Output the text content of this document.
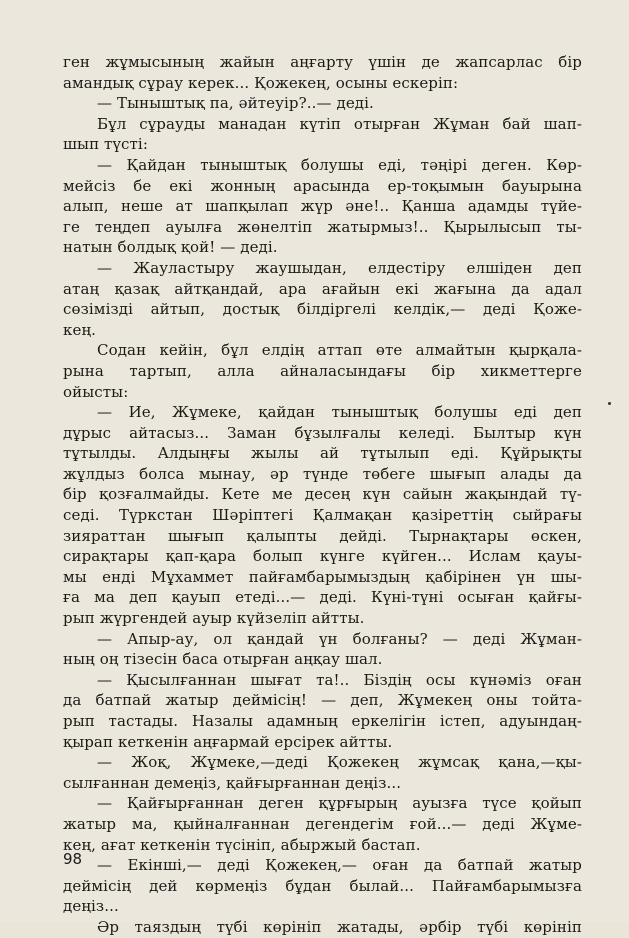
ген жұмысының жайын аңғарту үшін де жапсарлас бір
амандық сұрау керек... Қожекең, осыны ескеріп:
— Тыныштық па, әйтеуір?..— деді.
Бұл сұрауды манадан күтіп отырған Жұман бай шап-
шып түсті:
— Қайдан тыныштық болушы еді, тәңірі деген. Көр-
мейсіз бе екі жонның арасында ер-тоқымын бауырына
алып, неше ат шапқылап жүр әне!.. Қанша адамды түйе-
ге теңдеп ауылға жөнелтіп жатырмыз!.. Қырылысып ты-
натын болдық қой! — деді.
— Жауластыру жаушыдан, елдестіру елшіден деп
атаң қазақ айтқандай, ара ағайын екі жағына да адал
сөзімізді айтып, достық білдіргелі келдік,— деді Қоже-
кең.
Содан кейін, бұл елдің аттап өте алмайтын қырқала-
рына тартып, алла айналасындағы бір хикметтерге
ойысты:
— Ие, Жұмеке, қайдан тыныштық болушы еді деп
дұрыс айтасыз... Заман бұзылғалы келеді. Былтыр күн
тұтылды. Алдыңғы жылы ай тұтылып еді. Құйрықты
жұлдыз болса мынау, әр түнде төбеге шығып алады да
бір қозғалмайды. Кете ме десең күн сайын жақындай тү-
седі. Түркстан Шәріптегі Қалмақан қазіреттің сыйрағы
зияраттан шығып қалыпты дейді. Тырнақтары өскен,
сирақтары қап-қара болып күнге күйген... Ислам қауы-
мы енді Мұхаммет пайғамбарымыздың қабірінен үн шы-
ға ма деп қауып етеді...— деді. Күні-түні осыған қайғы-
рып жүргендей ауыр күйзеліп айтты.
— Апыр-ау, ол қандай үн болғаны? — деді Жұман-
ның оң тізесін баса отырған аңқау шал.
— Қысылғаннан шығат та!.. Біздің осы күнәміз оған
да батпай жатыр деймісің! — деп, Жұмекең оны тойта-
рып тастады. Назалы адамның еркелігін істеп, адуындаң-
қырап кеткенін аңғармай ерсірек айтты.
— Жоқ, Жұмеке,—деді Қожекең жұмсақ қана,—қы-
сылғаннан демеңіз, қайғырғаннан деңіз...
— Қайғырғаннан деген құрғырың ауызға түсе қойып
жатыр ма, қыйналғаннан дегендегім ғой...— деді Жұме-
кең, ағат кеткенін түсініп, абыржый бастап.
— Екінші,— деді Қожекең,— оған да батпай жатыр
деймісің дей көрмеңіз бұдан былай... Пайғамбарымызға
деңіз...
Әр таяздың түбі көрініп жатады, әрбір түбі көрініп
98
